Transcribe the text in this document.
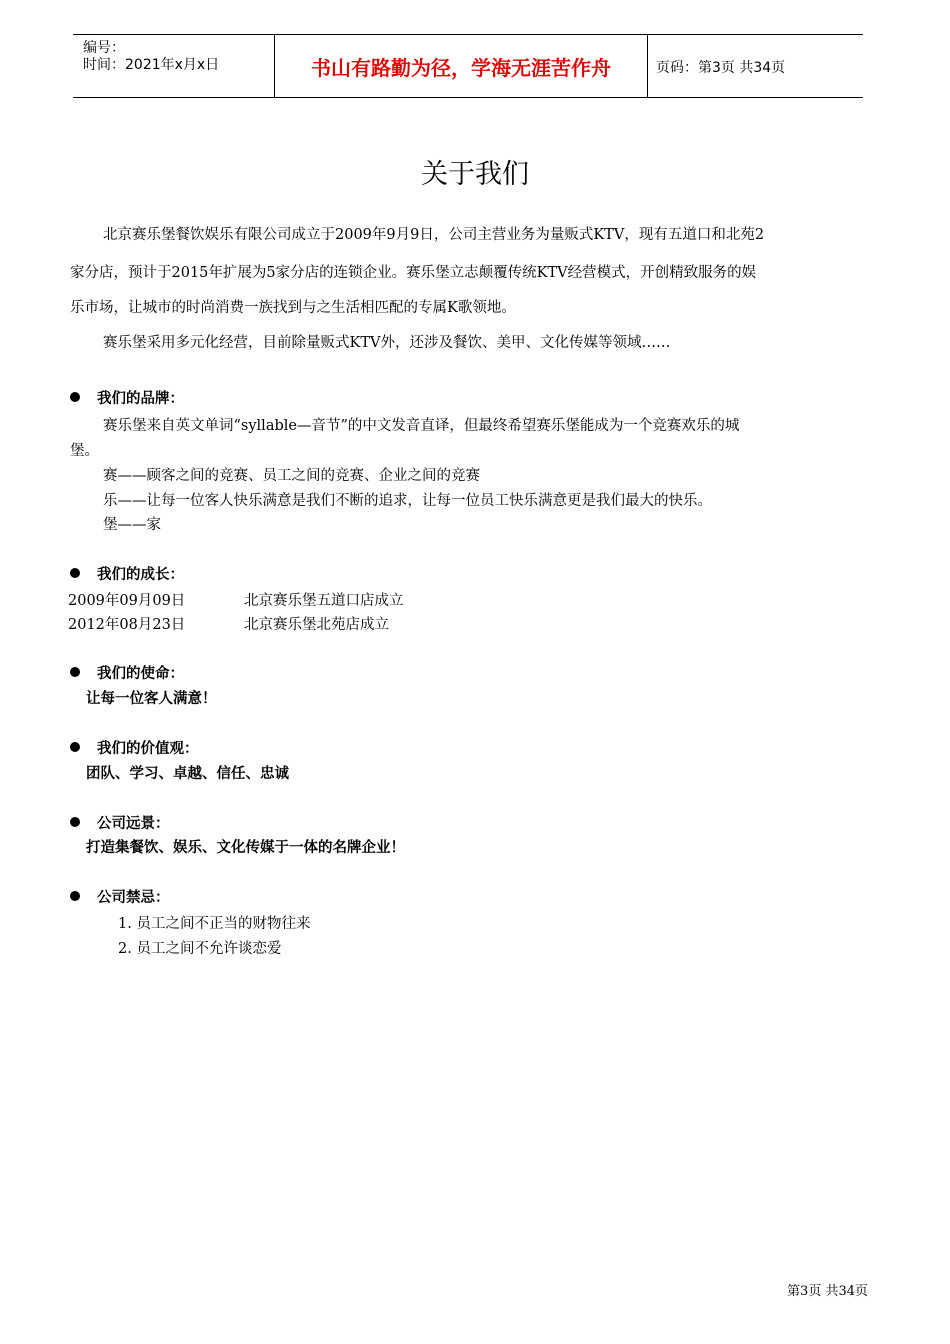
编号：
时间：2021年x月x日	书山有路勤为径，学海无涯苦作舟	页码：第3页 共34页
关于我们
北京赛乐堡餐饮娱乐有限公司成立于2009年9月9日，公司主营业务为量贩式KTV，现有五道口和北苑2
家分店，预计于2015年扩展为5家分店的连锁企业。赛乐堡立志颠覆传统KTV经营模式，开创精致服务的娱
乐市场，让城市的时尚消费一族找到与之生活相匹配的专属K歌领地。
赛乐堡采用多元化经营，目前除量贩式KTV外，还涉及餐饮、美甲、文化传媒等领域……
我们的品牌：
赛乐堡来自英文单词“syllable—音节”的中文发音直译，但最终希望赛乐堡能成为一个竞赛欢乐的城
堡。
赛——顾客之间的竞赛、员工之间的竞赛、企业之间的竞赛
乐——让每一位客人快乐满意是我们不断的追求，让每一位员工快乐满意更是我们最大的快乐。
堡——家
我们的成长：
2009年09月09日	北京赛乐堡五道口店成立
2012年08月23日	北京赛乐堡北苑店成立
我们的使命：
让每一位客人满意！
我们的价值观：
团队、学习、卓越、信任、忠诚
公司远景：
打造集餐饮、娱乐、文化传媒于一体的名牌企业！
公司禁忌：
1. 员工之间不正当的财物往来
2. 员工之间不允许谈恋爱
第3页 共34页
